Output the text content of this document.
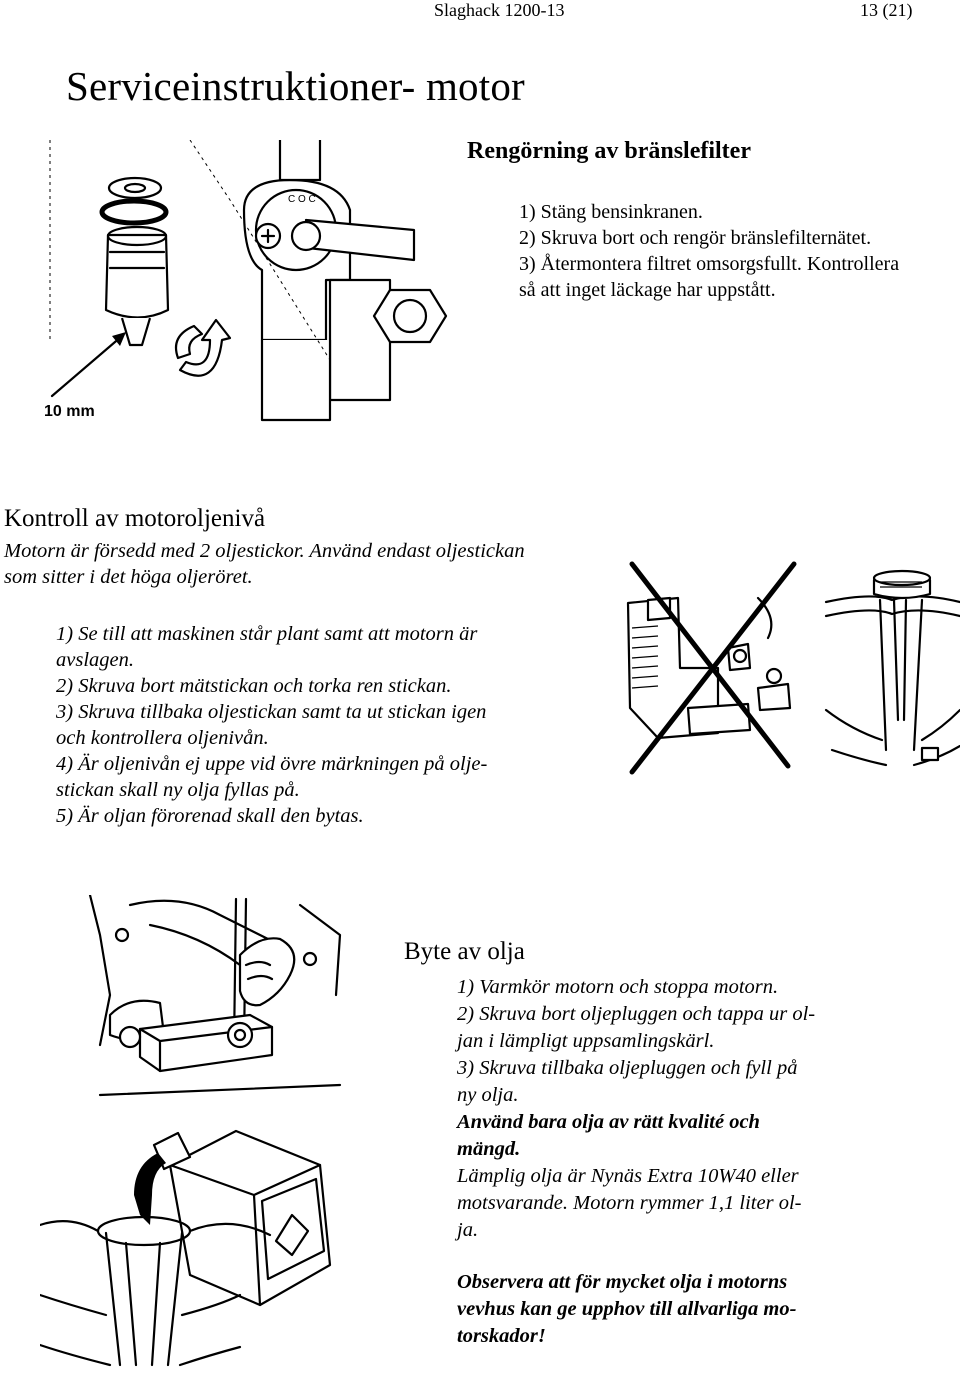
Slaghack 1200-13	13 (21)
Serviceinstruktioner- motor
C O C
10 mm
Rengörning av bränslefilter
1) Stäng bensinkranen.
2) Skruva bort och rengör bränslefilternätet.
3) Återmontera filtret omsorgsfullt. Kontrollera
så att inget läckage har uppstått.
Kontroll av motoroljenivå
Motorn är försedd med 2 oljestickor. Använd endast oljestickan
som sitter i det höga oljeröret.
1) Se till att maskinen står plant samt att motorn är
avslagen.
2) Skruva bort mätstickan och torka ren stickan.
3) Skruva tillbaka oljestickan samt ta ut stickan igen
och kontrollera oljenivån.
4) Är oljenivån ej uppe vid övre märkningen på olje-
stickan skall ny olja fyllas på.
5) Är oljan förorenad skall den bytas.
Byte av olja
1) Varmkör motorn och stoppa motorn.
2) Skruva bort oljepluggen och tappa ur ol-
jan i lämpligt uppsamlingskärl.
3) Skruva tillbaka oljepluggen och fyll på
ny olja.
Använd bara olja av rätt kvalité och
mängd.
Lämplig olja är Nynäs Extra 10W40 eller
motsvarande. Motorn rymmer 1,1 liter ol-
ja.
Observera att för mycket olja i motorns
vevhus kan ge upphov till allvarliga mo-
torskador!
